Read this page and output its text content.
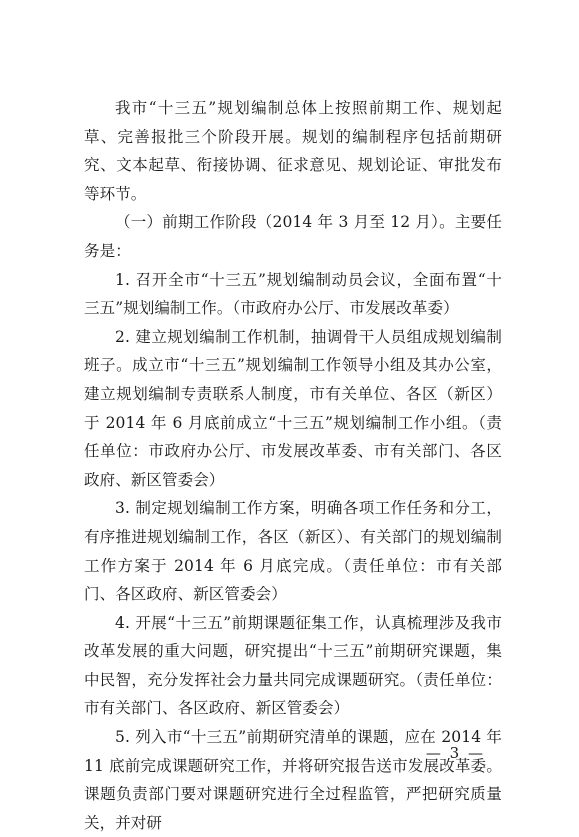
我市“十三五”规划编制总体上按照前期工作、规划起草、完善报批三个阶段开展。规划的编制程序包括前期研究、文本起草、衔接协调、征求意见、规划论证、审批发布等环节。

（一）前期工作阶段（2014 年 3 月至 12 月）。主要任务是：

1. 召开全市“十三五”规划编制动员会议，全面布置“十三五”规划编制工作。（市政府办公厅、市发展改革委）

2. 建立规划编制工作机制，抽调骨干人员组成规划编制班子。成立市“十三五”规划编制工作领导小组及其办公室，建立规划编制专责联系人制度，市有关单位、各区（新区）于 2014 年 6 月底前成立“十三五”规划编制工作小组。（责任单位：市政府办公厅、市发展改革委、市有关部门、各区政府、新区管委会）

3. 制定规划编制工作方案，明确各项工作任务和分工，有序推进规划编制工作，各区（新区）、有关部门的规划编制工作方案于 2014 年 6 月底完成。（责任单位：市有关部门、各区政府、新区管委会）

4. 开展“十三五”前期课题征集工作，认真梳理涉及我市改革发展的重大问题，研究提出“十三五”前期研究课题，集中民智，充分发挥社会力量共同完成课题研究。（责任单位：市有关部门、各区政府、新区管委会）

5. 列入市“十三五”前期研究清单的课题，应在 2014 年 11 底前完成课题研究工作，并将研究报告送市发展改革委。课题负责部门要对课题研究进行全过程监管，严把研究质量关，并对研

— 3 —
